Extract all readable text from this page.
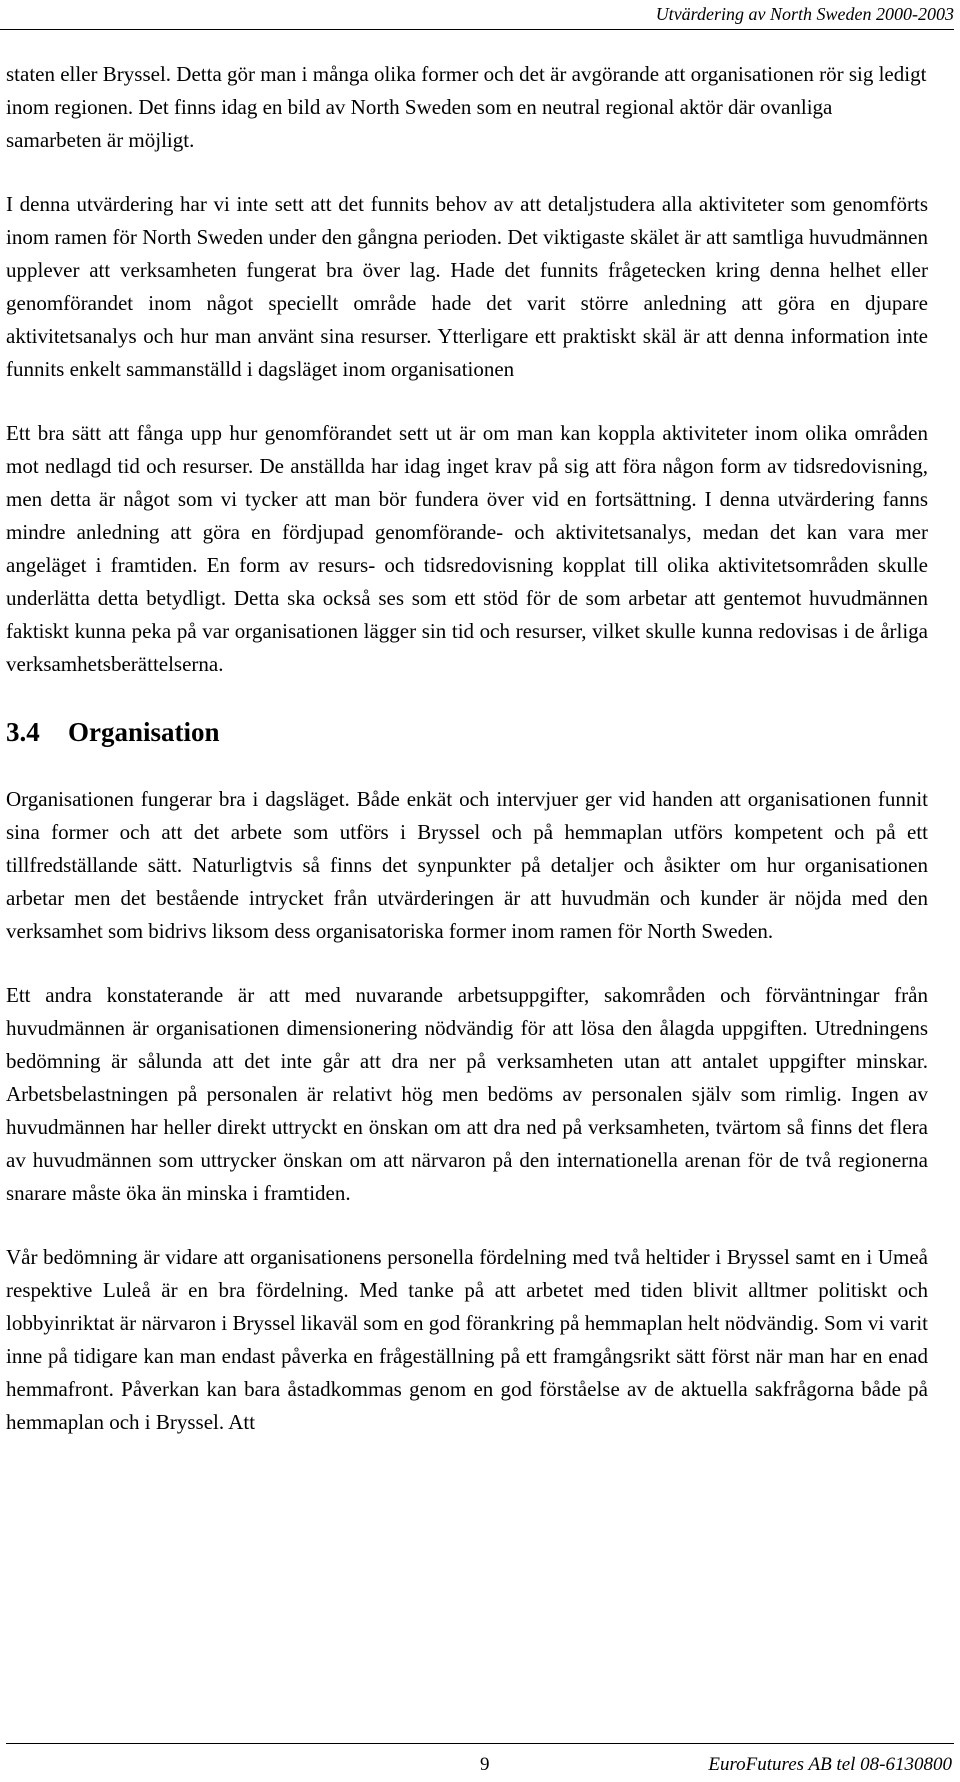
Utvärdering av North Sweden 2000-2003

staten eller Bryssel. Detta gör man i många olika former och det är avgörande att organisationen rör sig ledigt inom regionen. Det finns idag en bild av North Sweden som en neutral regional aktör där ovanliga samarbeten är möjligt.

I denna utvärdering har vi inte sett att det funnits behov av att detaljstudera alla aktiviteter som genomförts inom ramen för North Sweden under den gångna perioden. Det viktigaste skälet är att samtliga huvudmännen upplever att verksamheten fungerat bra över lag. Hade det funnits frågetecken kring denna helhet eller genomförandet inom något speciellt område hade det varit större anledning att göra en djupare aktivitetsanalys och hur man använt sina resurser. Ytterligare ett praktiskt skäl är att denna information inte funnits enkelt sammanställd i dagsläget inom organisationen

Ett bra sätt att fånga upp hur genomförandet sett ut är om man kan koppla aktiviteter inom olika områden mot nedlagd tid och resurser. De anställda har idag inget krav på sig att föra någon form av tidsredovisning, men detta är något som vi tycker att man bör fundera över vid en fortsättning. I denna utvärdering fanns mindre anledning att göra en fördjupad genomförande- och aktivitetsanalys, medan det kan vara mer angeläget i framtiden. En form av resurs- och tidsredovisning kopplat till olika aktivitetsområden skulle underlätta detta betydligt. Detta ska också ses som ett stöd för de som arbetar att gentemot huvudmännen faktiskt kunna peka på var organisationen lägger sin tid och resurser, vilket skulle kunna redovisas i de årliga verksamhetsberättelserna.

3.4 Organisation

Organisationen fungerar bra i dagsläget. Både enkät och intervjuer ger vid handen att organisationen funnit sina former och att det arbete som utförs i Bryssel och på hemmaplan utförs kompetent och på ett tillfredställande sätt. Naturligtvis så finns det synpunkter på detaljer och åsikter om hur organisationen arbetar men det bestående intrycket från utvärderingen är att huvudmän och kunder är nöjda med den verksamhet som bidrivs liksom dess organisatoriska former inom ramen för North Sweden.

Ett andra konstaterande är att med nuvarande arbetsuppgifter, sakområden och förväntningar från huvudmännen är organisationen dimensionering nödvändig för att lösa den ålagda uppgiften. Utredningens bedömning är sålunda att det inte går att dra ner på verksamheten utan att antalet uppgifter minskar. Arbetsbelastningen på personalen är relativt hög men bedöms av personalen själv som rimlig. Ingen av huvudmännen har heller direkt uttryckt en önskan om att dra ned på verksamheten, tvärtom så finns det flera av huvudmännen som uttrycker önskan om att närvaron på den internationella arenan för de två regionerna snarare måste öka än minska i framtiden.

Vår bedömning är vidare att organisationens personella fördelning med två heltider i Bryssel samt en i Umeå respektive Luleå är en bra fördelning. Med tanke på att arbetet med tiden blivit alltmer politiskt och lobbyinriktat är närvaron i Bryssel likaväl som en god förankring på hemmaplan helt nödvändig. Som vi varit inne på tidigare kan man endast påverka en frågeställning på ett framgångsrikt sätt först när man har en enad hemmafront. Påverkan kan bara åstadkommas genom en god förståelse av de aktuella sakfrågorna både på hemmaplan och i Bryssel. Att

9	EuroFutures AB tel 08-6130800
